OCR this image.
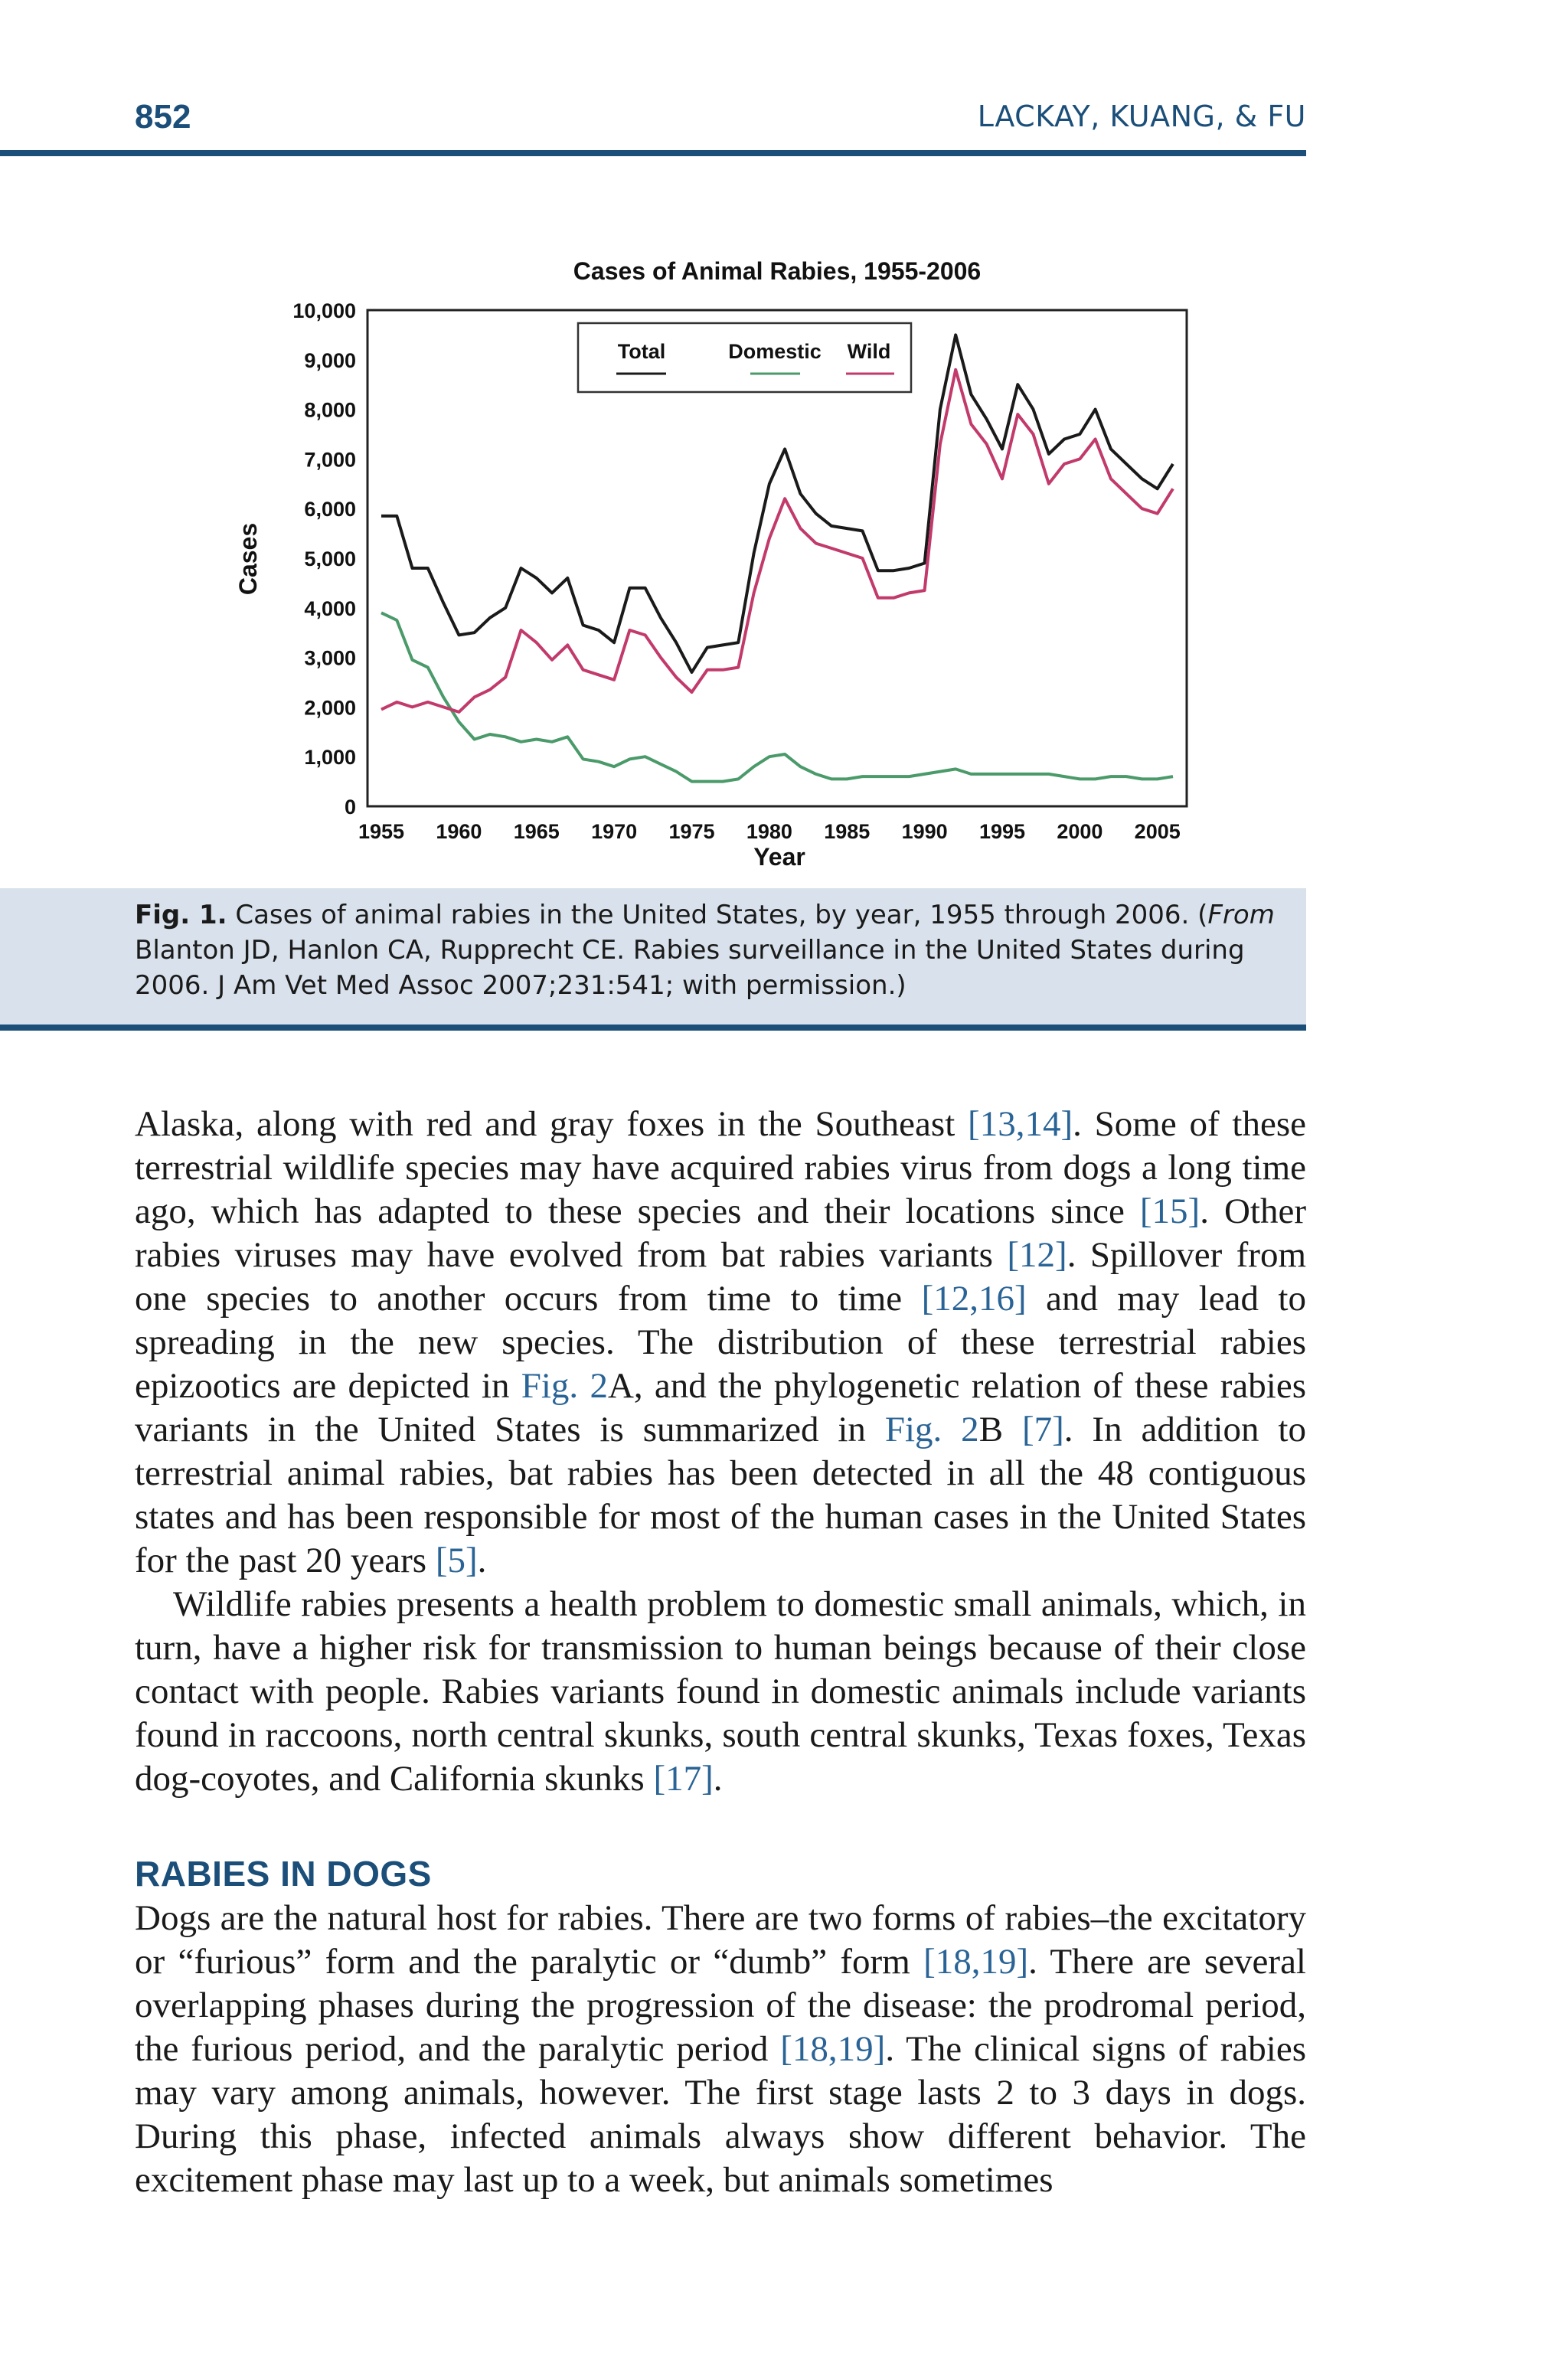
852	LACKAY, KUANG, & FU
Cases of Animal Rabies, 1955-2006
Cases
Year
0
1,000
2,000
3,000
4,000
5,000
6,000
7,000
8,000
9,000
10,000
1955 1960 1965 1970 1975 1980 1985 1990 1995 2000 2005
Total	Domestic Wild
Fig. 1. Cases of animal rabies in the United States, by year, 1955 through 2006. (From Blanton JD, Hanlon CA, Rupprecht CE. Rabies surveillance in the United States during 2006. J Am Vet Med Assoc 2007;231:541; with permission.)

Alaska, along with red and gray foxes in the Southeast [13,14]. Some of these terrestrial wildlife species may have acquired rabies virus from dogs a long time ago, which has adapted to these species and their locations since [15]. Other rabies viruses may have evolved from bat rabies variants [12]. Spillover from one species to another occurs from time to time [12,16] and may lead to spreading in the new species. The distribution of these terrestrial rabies epizootics are depicted in Fig. 2A, and the phylogenetic relation of these rabies variants in the United States is summarized in Fig. 2B [7]. In addition to terrestrial animal rabies, bat rabies has been detected in all the 48 contiguous states and has been responsible for most of the human cases in the United States for the past 20 years [5].

Wildlife rabies presents a health problem to domestic small animals, which, in turn, have a higher risk for transmission to human beings because of their close contact with people. Rabies variants found in domestic animals include variants found in raccoons, north central skunks, south central skunks, Texas foxes, Texas dog-coyotes, and California skunks [17].

RABIES IN DOGS

Dogs are the natural host for rabies. There are two forms of rabies–the excitatory or “furious” form and the paralytic or “dumb” form [18,19]. There are several overlapping phases during the progression of the disease: the prodromal period, the furious period, and the paralytic period [18,19]. The clinical signs of rabies may vary among animals, however. The first stage lasts 2 to 3 days in dogs. During this phase, infected animals always show different behavior. The excitement phase may last up to a week, but animals sometimes
